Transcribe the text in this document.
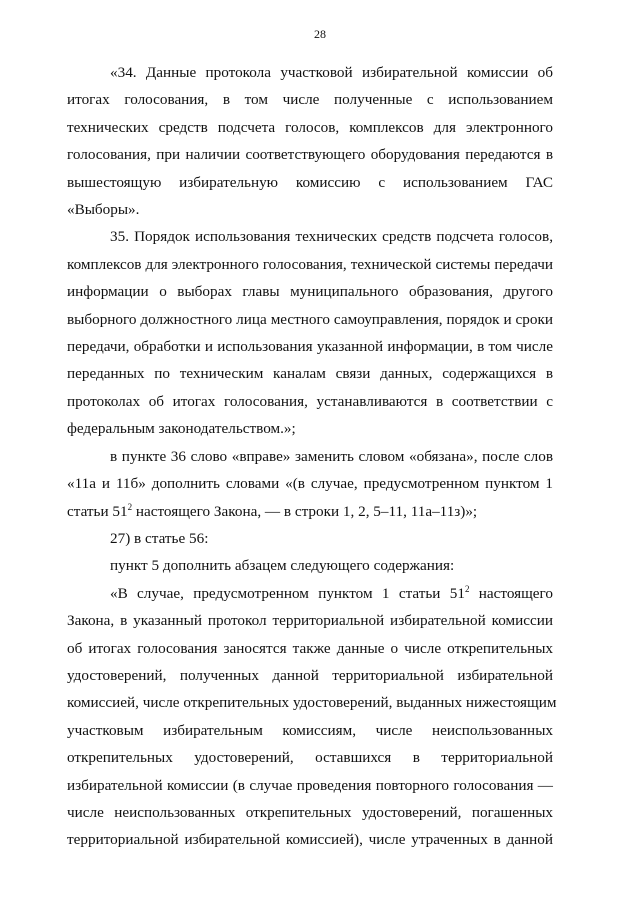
28
«34. Данные протокола участковой избирательной комиссии об
итогах голосования, в том числе полученные с использованием
технических средств подсчета голосов, комплексов для электронного
голосования, при наличии соответствующего оборудования передаются в
вышестоящую избирательную комиссию с использованием ГАС
«Выборы».
35. Порядок использования технических средств подсчета голосов,
комплексов для электронного голосования, технической системы передачи
информации о выборах главы муниципального образования, другого
выборного должностного лица местного самоуправления, порядок и сроки
передачи, обработки и использования указанной информации, в том числе
переданных по техническим каналам связи данных, содержащихся в
протоколах об итогах голосования, устанавливаются в соответствии с
федеральным законодательством.»;
в пункте 36 слово «вправе» заменить словом «обязана», после слов
«11а и 11б» дополнить словами «(в случае, предусмотренном пунктом 1
статьи $51^2$ настоящего Закона, — в строки 1, 2, 5–11, 11а–11з)»;
27) в статье 56:
пункт 5 дополнить абзацем следующего содержания:
«В случае, предусмотренном пунктом 1 статьи $51^2$ настоящего
Закона, в указанный протокол территориальной избирательной комиссии
об итогах голосования заносятся также данные о числе открепительных
удостоверений, полученных данной территориальной избирательной
комиссией, числе открепительных удостоверений, выданных нижестоящим
участковым избирательным комиссиям, числе неиспользованных
открепительных удостоверений, оставшихся в территориальной
избирательной комиссии (в случае проведения повторного голосования —
числе неиспользованных открепительных удостоверений, погашенных
территориальной избирательной комиссией), числе утраченных в данной
